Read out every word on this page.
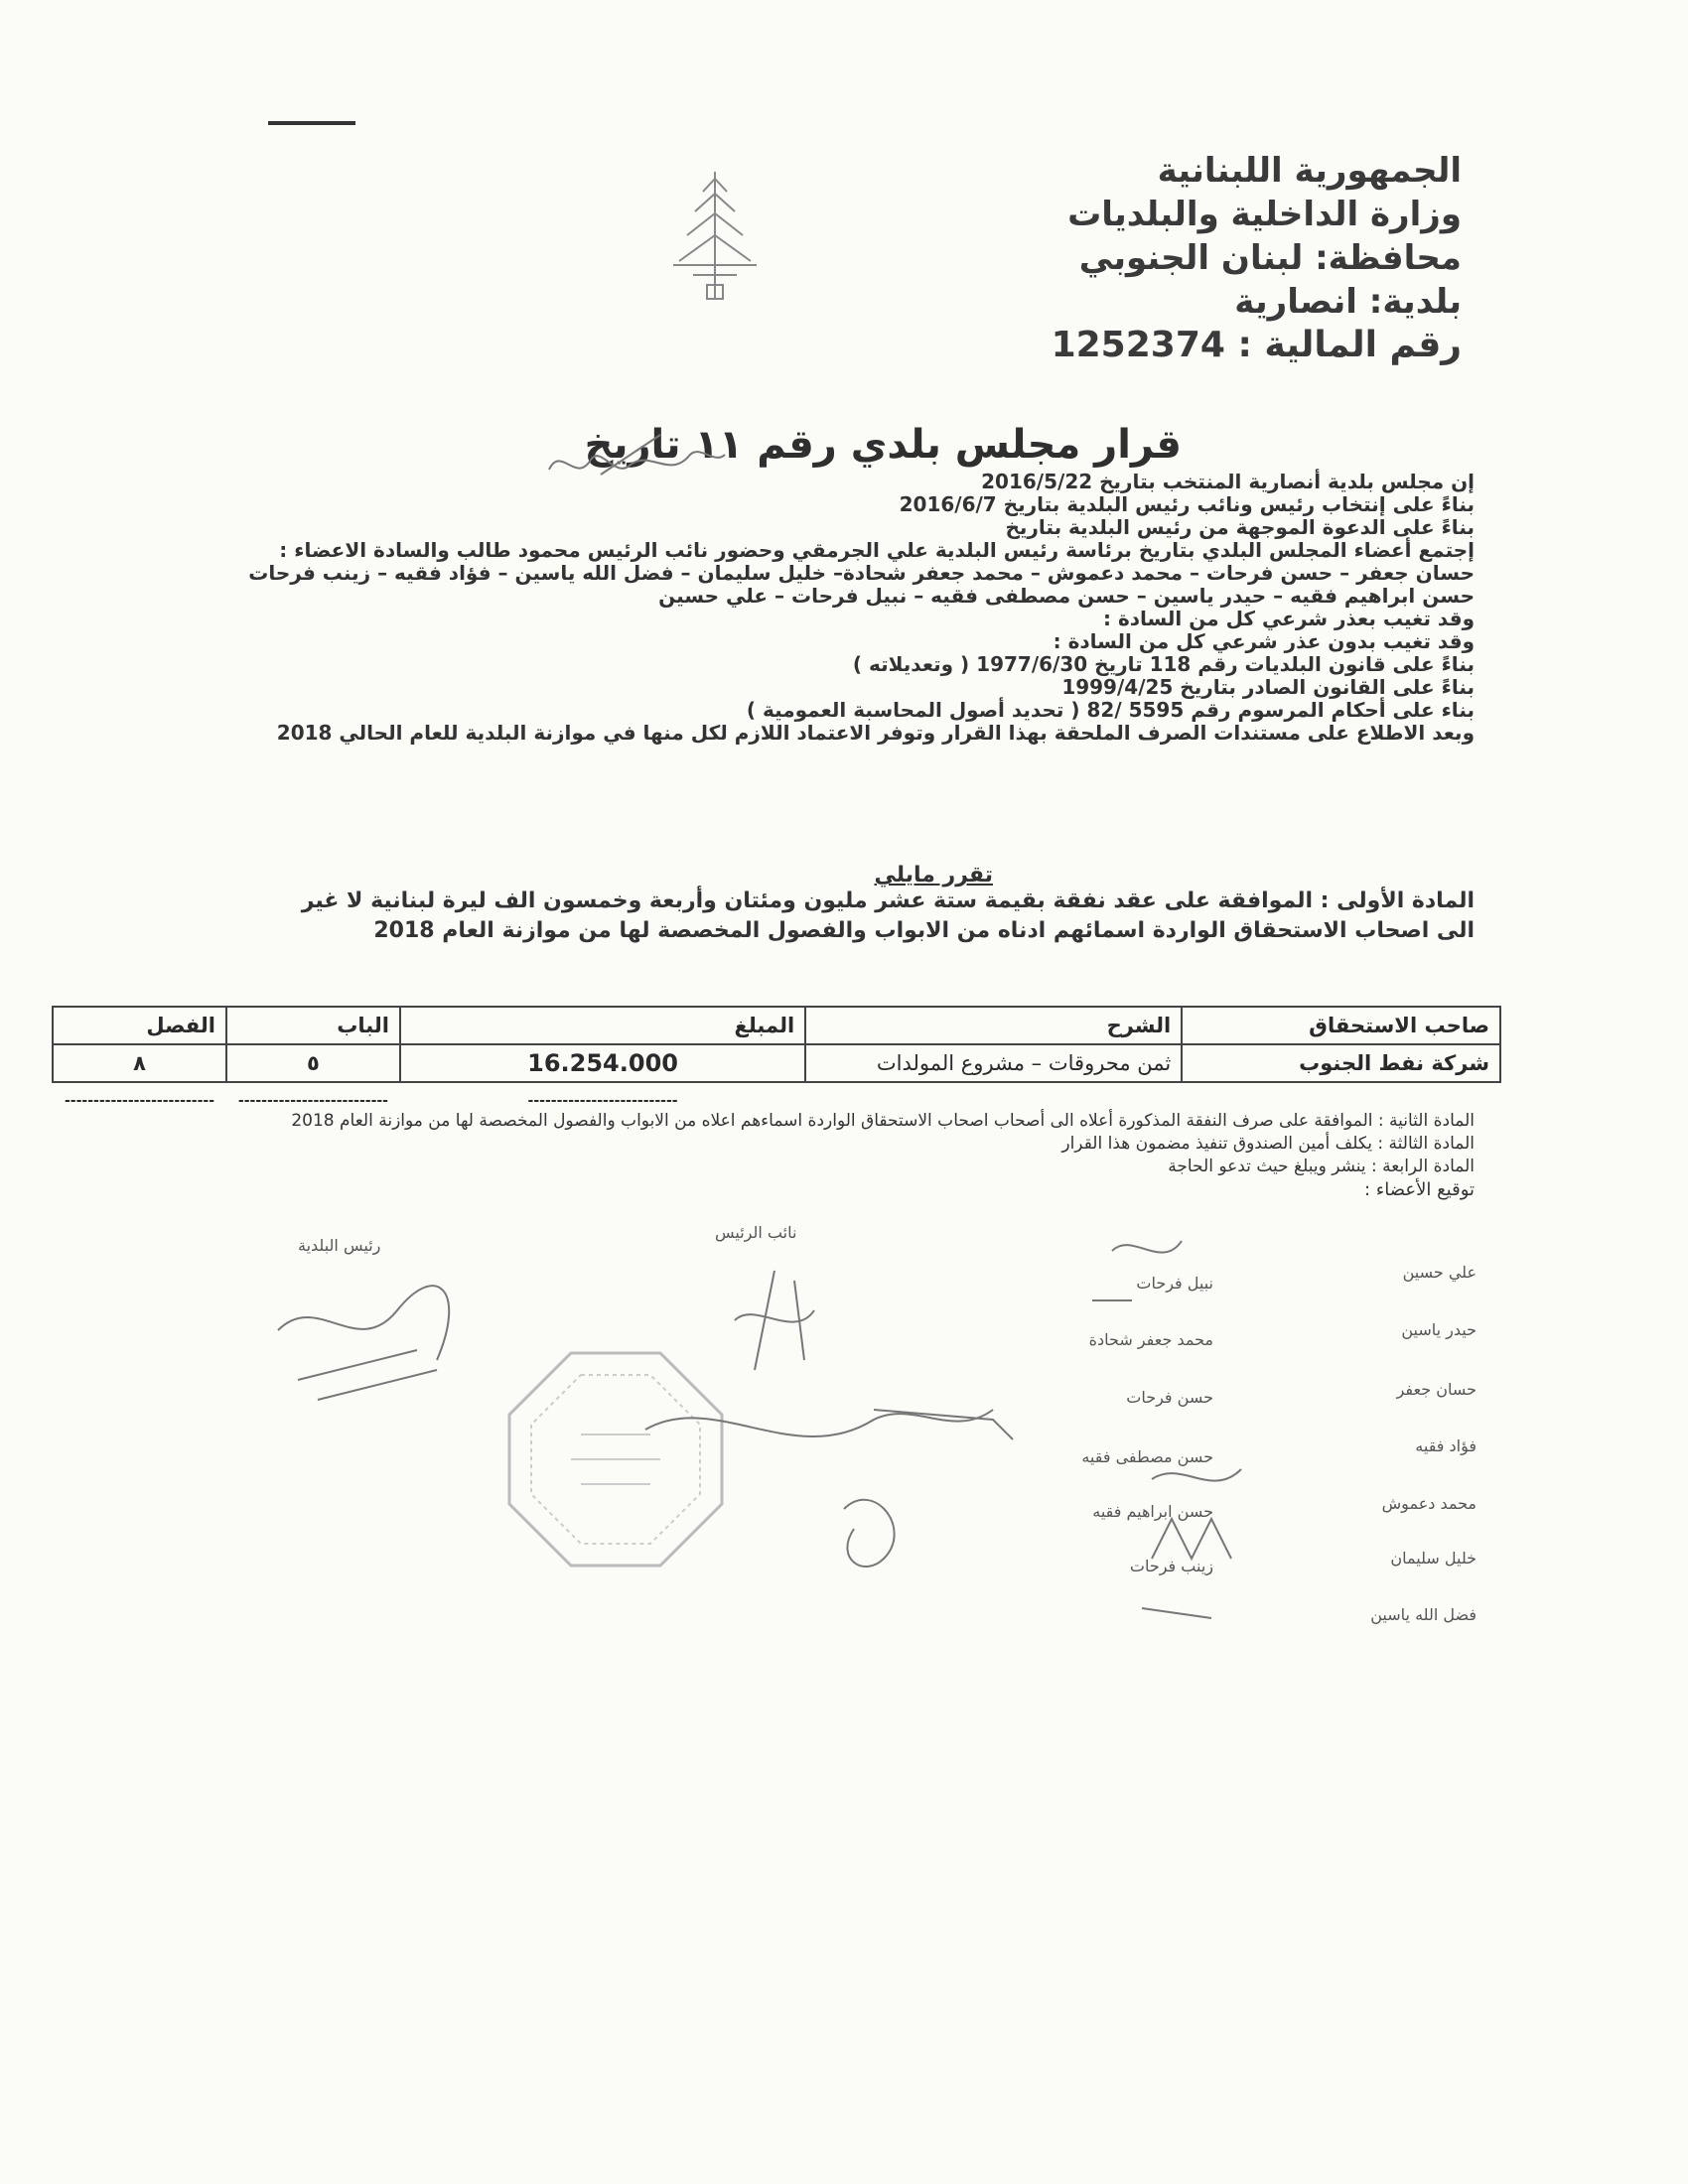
الجمهورية اللبنانية
وزارة الداخلية والبلديات
محافظة: لبنان الجنوبي
بلدية: انصارية
رقم المالية : 1252374
قرار مجلس بلدي رقم ١١ تاريخ
إن مجلس بلدية أنصارية المنتخب بتاريخ 2016/5/22
بناءً على إنتخاب رئيس ونائب رئيس البلدية بتاريخ 2016/6/7
بناءً على الدعوة الموجهة من رئيس البلدية بتاريخ
إجتمع أعضاء المجلس البلدي بتاريخ برئاسة رئيس البلدية علي الجرمقي وحضور نائب الرئيس محمود طالب والسادة الاعضاء :
حسان جعفر – حسن فرحات – محمد دعموش – محمد جعفر شحادة– خليل سليمان – فضل الله ياسين – فؤاد فقيه – زينب فرحات
حسن ابراهيم فقيه – حيدر ياسين – حسن مصطفى فقيه – نبيل فرحات – علي حسين
وقد تغيب بعذر شرعي كل من السادة :
وقد تغيب بدون عذر شرعي كل من السادة :
بناءً على قانون البلديات رقم 118 تاريخ 1977/6/30 ( وتعديلاته )
بناءً على القانون الصادر بتاريخ 1999/4/25
بناء على أحكام المرسوم رقم 5595 /82 ( تحديد أصول المحاسبة العمومية )
وبعد الاطلاع على مستندات الصرف الملحقة بهذا القرار وتوفر الاعتماد اللازم لكل منها في موازنة البلدية للعام الحالي 2018
تقرر مايلي
المادة الأولى : الموافقة على عقد نفقة بقيمة ستة عشر مليون ومئتان وأربعة وخمسون الف ليرة لبنانية لا غير
الى اصحاب الاستحقاق الواردة اسمائهم ادناه من الابواب والفصول المخصصة لها من موازنة العام 2018
صاحب الاستحقاق	الشرح	المبلغ	الباب	الفصل
شركة نفط الجنوب	ثمن محروقات – مشروع المولدات	16.254.000	٥	٨
		--------------------------	--------------------------	--------------------------
المادة الثانية : الموافقة على صرف النفقة المذكورة أعلاه الى أصحاب اصحاب الاستحقاق الواردة اسماءهم اعلاه من الابواب والفصول المخصصة لها من موازنة العام 2018
المادة الثالثة : يكلف أمين الصندوق تنفيذ مضمون هذا القرار
المادة الرابعة : ينشر ويبلغ حيث تدعو الحاجة
توقيع الأعضاء :
رئيس البلدية
نائب الرئيس
علي حسين
حيدر ياسين
حسان جعفر
فؤاد فقيه
محمد دعموش
خليل سليمان
فضل الله ياسين
نبيل فرحات
محمد جعفر شحادة
حسن فرحات
حسن مصطفى فقيه
حسن ابراهيم فقيه
زينب فرحات
